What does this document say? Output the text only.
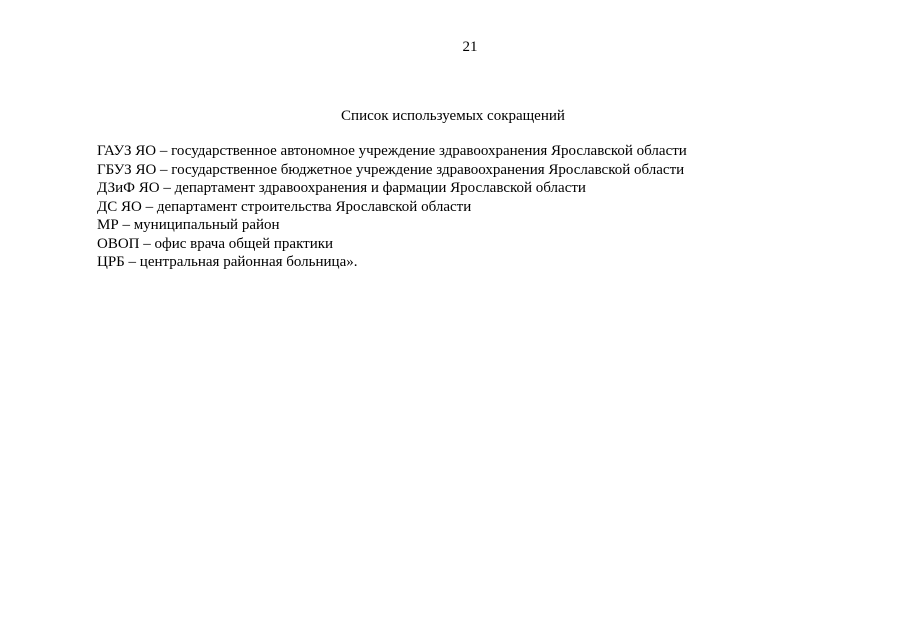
21
Список используемых сокращений
ГАУЗ ЯО – государственное автономное учреждение здравоохранения Ярославской области
ГБУЗ ЯО – государственное бюджетное учреждение здравоохранения Ярославской области
ДЗиФ ЯО – департамент здравоохранения и фармации Ярославской области
ДС ЯО – департамент строительства Ярославской области
МР – муниципальный район
ОВОП – офис врача общей практики
ЦРБ – центральная районная больница».
